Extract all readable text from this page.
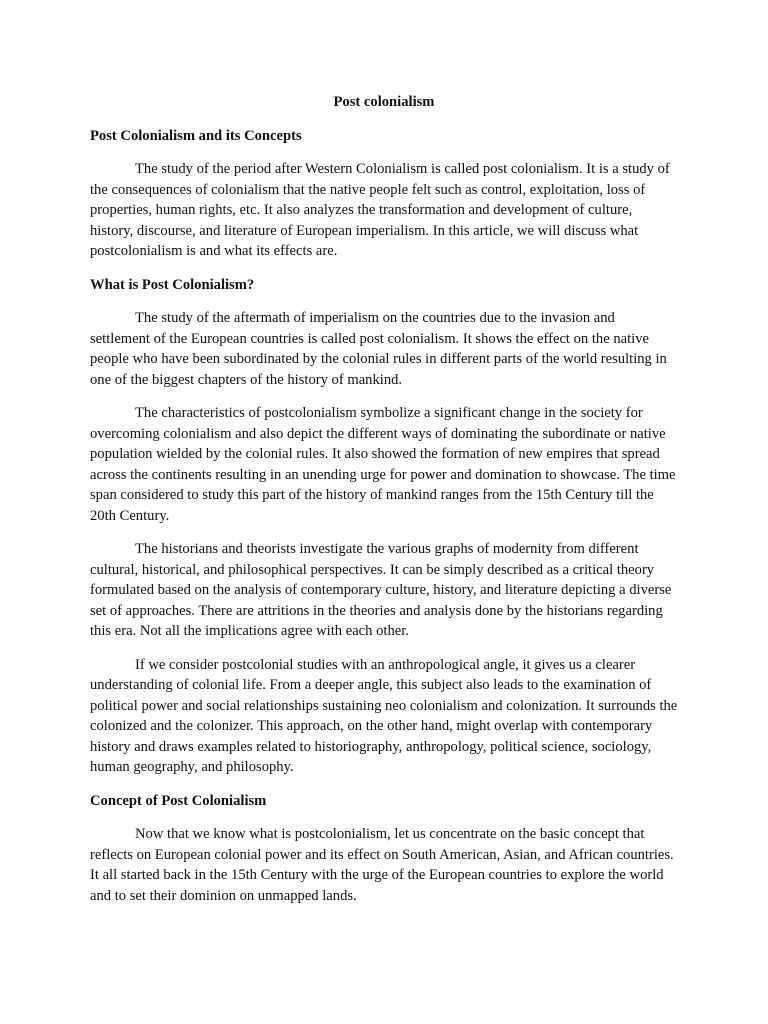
Post colonialism

Post Colonialism and its Concepts

The study of the period after Western Colonialism is called post colonialism. It is a study of the consequences of colonialism that the native people felt such as control, exploitation, loss of properties, human rights, etc. It also analyzes the transformation and development of culture, history, discourse, and literature of European imperialism. In this article, we will discuss what postcolonialism is and what its effects are.

What is Post Colonialism?

The study of the aftermath of imperialism on the countries due to the invasion and settlement of the European countries is called post colonialism. It shows the effect on the native people who have been subordinated by the colonial rules in different parts of the world resulting in one of the biggest chapters of the history of mankind.

The characteristics of postcolonialism symbolize a significant change in the society for overcoming colonialism and also depict the different ways of dominating the subordinate or native population wielded by the colonial rules. It also showed the formation of new empires that spread across the continents resulting in an unending urge for power and domination to showcase. The time span considered to study this part of the history of mankind ranges from the 15th Century till the 20th Century.

The historians and theorists investigate the various graphs of modernity from different cultural, historical, and philosophical perspectives. It can be simply described as a critical theory formulated based on the analysis of contemporary culture, history, and literature depicting a diverse set of approaches. There are attritions in the theories and analysis done by the historians regarding this era. Not all the implications agree with each other.

If we consider postcolonial studies with an anthropological angle, it gives us a clearer understanding of colonial life. From a deeper angle, this subject also leads to the examination of political power and social relationships sustaining neo colonialism and colonization. It surrounds the colonized and the colonizer. This approach, on the other hand, might overlap with contemporary history and draws examples related to historiography, anthropology, political science, sociology, human geography, and philosophy.

Concept of Post Colonialism

Now that we know what is postcolonialism, let us concentrate on the basic concept that reflects on European colonial power and its effect on South American, Asian, and African countries. It all started back in the 15th Century with the urge of the European countries to explore the world and to set their dominion on unmapped lands.
